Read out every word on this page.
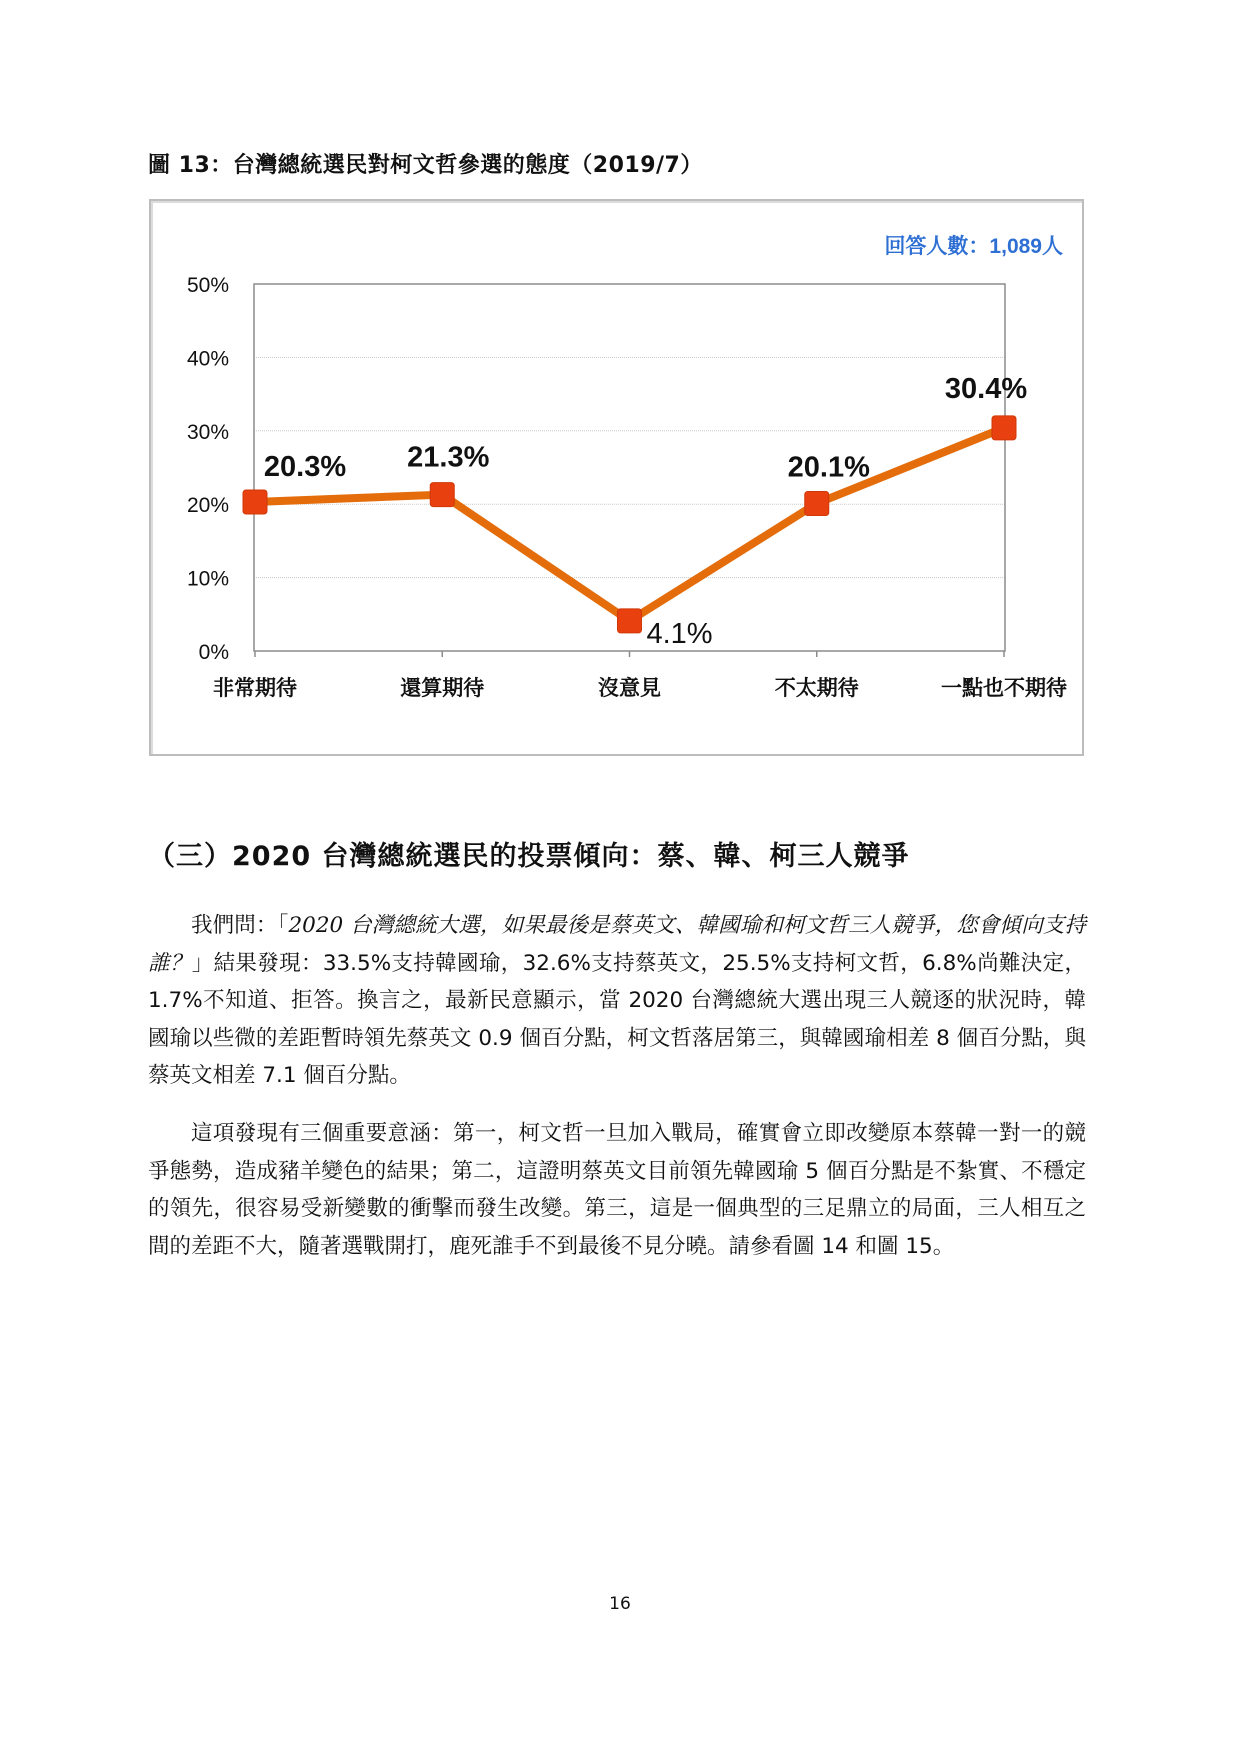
圖 13：台灣總統選民對柯文哲參選的態度（2019/7）
0%
10%
20%
30%
40%
50%
非常期待	還算期待	沒意見	不太期待	一點也不期待
20.3% 21.3%
4.1%
20.1%
30.4%
回答人數：1,089人
（三）2020 台灣總統選民的投票傾向：蔡、韓、柯三人競爭

我們問：「2020 台灣總統大選，如果最後是蔡英文、韓國瑜和柯文哲三人競爭，您會傾向支持誰？」結果發現：33.5%支持韓國瑜，32.6%支持蔡英文，25.5%支持柯文哲，6.8%尚難決定，1.7%不知道、拒答。換言之，最新民意顯示，當 2020 台灣總統大選出現三人競逐的狀況時，韓國瑜以些微的差距暫時領先蔡英文 0.9 個百分點，柯文哲落居第三，與韓國瑜相差 8 個百分點，與蔡英文相差 7.1 個百分點。

這項發現有三個重要意涵：第一，柯文哲一旦加入戰局，確實會立即改變原本蔡韓一對一的競爭態勢，造成豬羊變色的結果；第二，這證明蔡英文目前領先韓國瑜 5 個百分點是不紮實、不穩定的領先，很容易受新變數的衝擊而發生改變。第三，這是一個典型的三足鼎立的局面，三人相互之間的差距不大，隨著選戰開打，鹿死誰手不到最後不見分曉。請參看圖 14 和圖 15。

16
